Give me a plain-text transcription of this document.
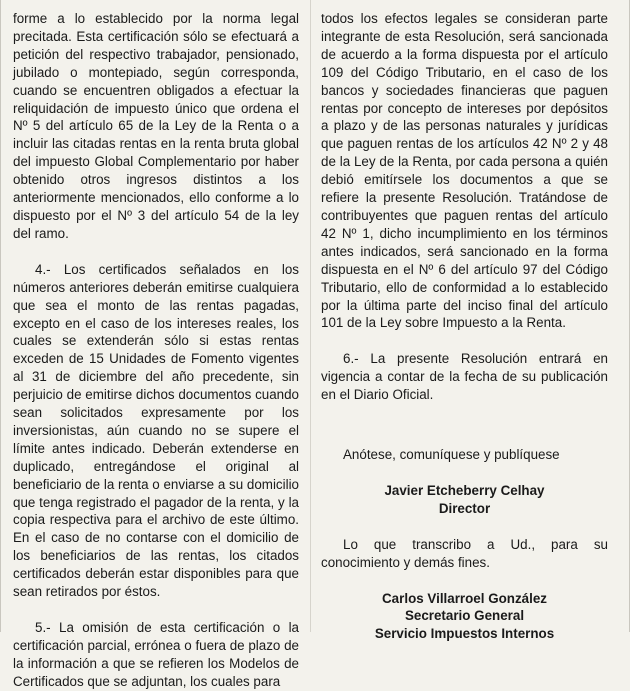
forme a lo establecido por la norma legal precitada. Esta certificación sólo se efectuará a petición del respectivo trabajador, pensionado, jubilado o montepiado, según corresponda, cuando se encuentren obligados a efectuar la reliquidación de impuesto único que ordena el Nº 5 del artículo 65 de la Ley de la Renta o a incluir las citadas rentas en la renta bruta global del impuesto Global Complementario por haber obtenido otros ingresos distintos a los anteriormente mencionados, ello conforme a lo dispuesto por el Nº 3 del artículo 54 de la ley del ramo.

4.- Los certificados señalados en los números anteriores deberán emitirse cualquiera que sea el monto de las rentas pagadas, excepto en el caso de los intereses reales, los cuales se extenderán sólo si estas rentas exceden de 15 Unidades de Fomento vigentes al 31 de diciembre del año precedente, sin perjuicio de emitirse dichos documentos cuando sean solicitados expresamente por los inversionistas, aún cuando no se supere el límite antes indicado. Deberán extenderse en duplicado, entregándose el original al beneficiario de la renta o enviarse a su domicilio que tenga registrado el pagador de la renta, y la copia respectiva para el archivo de este último. En el caso de no contarse con el domicilio de los beneficiarios de las rentas, los citados certificados deberán estar disponibles para que sean retirados por éstos.

5.- La omisión de esta certificación o la certificación parcial, errónea o fuera de plazo de la información a que se refieren los Modelos de Certificados que se adjuntan, los cuales para

todos los efectos legales se consideran parte integrante de esta Resolución, será sancionada de acuerdo a la forma dispuesta por el artículo 109 del Código Tributario, en el caso de los bancos y sociedades financieras que paguen rentas por concepto de intereses por depósitos a plazo y de las personas naturales y jurídicas que paguen rentas de los artículos 42 Nº 2 y 48 de la Ley de la Renta, por cada persona a quién debió emitírsele los documentos a que se refiere la presente Resolución. Tratándose de contribuyentes que paguen rentas del artículo 42 Nº 1, dicho incumplimiento en los términos antes indicados, será sancionado en la forma dispuesta en el Nº 6 del artículo 97 del Código Tributario, ello de conformidad a lo establecido por la última parte del inciso final del artículo 101 de la Ley sobre Impuesto a la Renta.

6.- La presente Resolución entrará en vigencia a contar de la fecha de su publicación en el Diario Oficial.

Anótese, comuníquese y publíquese

Javier Etcheberry Celhay

Director

Lo que transcribo a Ud., para su conocimiento y demás fines.

Carlos Villarroel González

Secretario General

Servicio Impuestos Internos
